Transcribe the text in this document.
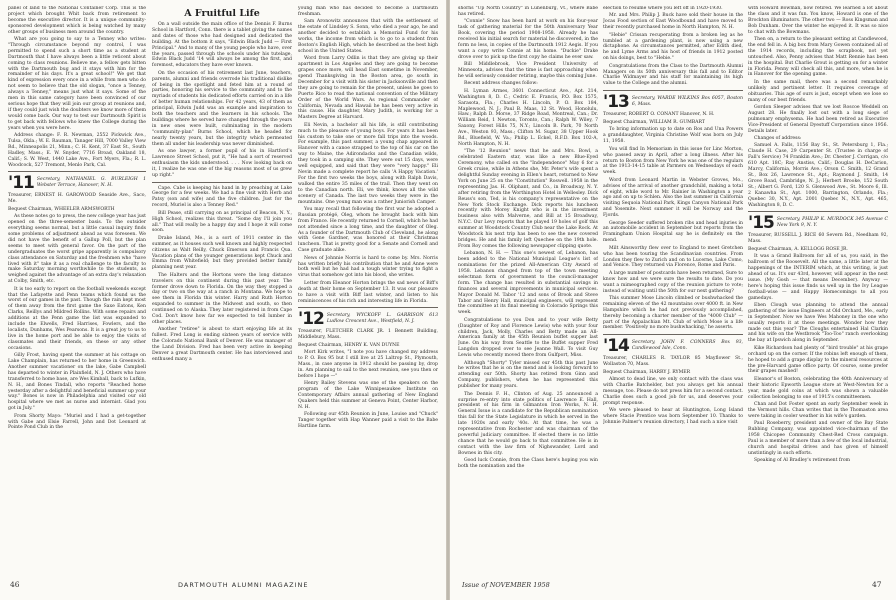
panel of land to the National Container Corp. This is the project which brought Whit back from retirement to become the executive director. It is a unique community-sponsored development which is being watched by many other groups of business men around the country.

What are you going to say to a Tenney who writes: "Through circumstance beyond my control, I was permitted to spend such a short time as a student at Dartmouth that I have always been a little reticent about coming to class reunions. Believe me, a fellow gets bitten with the Dartmouth bug and it stays with him for the remainder of his days. It's a great school!" We get that kind of expression every once in a while from men who do not seem to believe that the old slogan, "once a Tenney, always a Tenney," means just what it says. Some of the men in this same category have been convinced of our serious hope that they will join our group at reunions and, if they could just wish the doubters we know more of them would come back. Our way to test our Dartmouth Spirit is to get back with fellows who knew the College during the years when you were here.

Address change: F. R. Newman, 2552 Pickwick Ave., Tulsa, Okla.; W. E. Rauman, Tanager Hill, 7000 Valley View Rd., Minneapolis 21, Minn.; C. H. Kent, 37 East St., South Hadley, Mass.; E. W. Snyder, 7716 Broad, Oakland 18, Calif.; S. W. West, 1440 Lake Ave., Fort Myers, Fla.; R. L. Woodcock, 527 Tremont, Menlo Park, Cal.

'11 Secretary, NATHANIEL G. BURLEIGH 1 Webster Terrace, Hanover, N. H.
Treasurer, ERNEST H. GAROWOOD Seaside Ave., Saco, Me.
Bequest Chairman, WHEELER ARMSWORTH

As these notes go to press, the new college year has just opened on the three-semester basis. To the outsider everything seems normal, but a little casual inquiry finds some problems of adjustment ahead as was foreseen. We did not have the benefit of a Gallup Poll, but the plan seems to meet with general favor. On the part of the undergraduates the worst gripe apparently is compulsory class attendance on Saturday and the freshmen who "have lived with it" take it as a real challenge to the faculty to make Saturday morning worthwhile to the students, as weighed against the advantage of an extra day's relaxation at Colby, Smith, etc.

It is too early to report on the football weekends except that the Lafayette and Penn teams which found us the worst of our games in the past. Though the rain kept most of them away from the first game the Saxe Eatons, Ken Clarks, Reillys and Mildred Rollins. With some repairs and additions at the Penn game the list was expanded to include the Elwells, Fred Harrises, Fowlers, and the localists, Dunhams, Wes Pearsons. It is a great joy to us to live in the home port and be able to enjoy the visits of classmates and their friends, on these or any other occasions.

Gilly Frost, having spent the summer at his cottage on Lake Champlain, has returned to her home in Greenwich. Another summer vacationer on the lake, Gabe Campbell has departed to winter in Plainfield, N. J. Others who have transferred to home base, are Wes Kimball, back to Lufkin, N. H., and Bones Tindall, who reports "Reached home yesterday after a delightful and beneficial summer up your way." Bones is now in Philadelphia and visited our old hospital where we met as nurse and internist. Glad you got in July."

From Shorty Mayo: "Muriel and I had a get-together with Gabe and Elsie Farrell, John and Dot Leonard at Pointe Pond Club in the

A Fruitful Life

On a wall outside the main office of the Dennis F. Burns School in Hartford, Conn. there is a tablet giving the names and dates of those who had designed and dedicated the building. At the bottom it says, "Edwin Black Judd — First Principal." And to many of the young people who have, over the years, passed through the schools under his tutelage, Edwin Black Judd '14 will always be among the first, and foremost, educators they have ever known.

On the occasion of his retirement last June, teachers, parents, alumni and friends overrode his traditional dislike of being in the spotlight and feted him at a round of parties, honoring his service to the community and to the myriads of students his dedicated efforts carried on in a life of better human relationships. For 42 years, 43 of them as principal, Edwin Judd was an example and inspiration to both the teachers and the learners in his schools. The buildings where he served have changed through the years in new ones were built, culminating in the modern "community-plan" Burns School, which he headed for nearly twenty years, but the integrity which permeated them all under his leadership was never diminished.

As one lawyer, a former pupil of his in Hartford's Lawrence Street School, put it, "He had a sort of reserved enthusiasm the kids understood. . . . Now looking back on it, I realize he was one of the big reasons most of us grew up right."

Cape. Cabe is keeping his hand in by preaching at Lake George for a few weeks. We had a fine visit with Herb and Patsy (son and wife) and the five children. Just for the record, Muriel is also a Tenney Red."

Bill Pease, still carrying on as principal of Beacon, N. Y., High School, realizes this threat. "Some day I'll join you all." That will really be a happy day and I hope it will come soon.

Drake Island, Me., is a sort of 1911 center in the summer, as it houses such well known and highly respected citizens as Walt Reilly, Chuck Emerson and Francis Qua. Vacation plans of the younger generations kept Chuck and Emma from Whitefield; but they provided better family planning next year.

The Halters and the Hortons were the long distance travelers on this continent during this past year. The former drove down to Florida. On the way they stopped a day or two on the way at a ranch in Montana. We hope to see them in Florida this winter. Harry and Ruth Horton expanded to summer in the Midwest and south, so then continued on to Alaska. They later registered in from Cape Cod. Don't know how far we expected to tell lumber in other places.

Another "retiree" is about to start enjoying life at its fullest. Fred Long is ending sixteen years of service with the Colorado National Bank of Denver. He was manager of the Land Division. Fred has been very active in keeping Denver a great Dartmouth center. He has interviewed and enthused many a

young man who has decided to become a Dartmouth freshman.

Sam Aronowitz announces that with the settlement of the estate of Lindsley S. Sonn, who died a year ago, he and another decided to establish a Memorial Fund for his works, the income from which is to go to a student from Boston's English High, which he described as the best high school in the United States.

Word from Larry Odlin is that they are giving up their apartment in Los Angeles and they are going to become grapes once more, will head East sometime in November, spend Thanksgiving in the Boston area, go south in December for a visit with his sister in Jacksonville and then they are going to remain for the present, unless he goes to Puerto Rico to read the national convention of the Military Order of the World Wars. As regional Commander of California, Nevada and Hawaii he has been very active in this cause. His daughter, Mary Judith, is working for a Masters Degree at Harvard.

Eli Nevin, a bachelor all his life, is still contributing much to the pleasure of young boys. For years it has been his custom to take one or more fall trips into the woods. For example, this past summer, a young chap appeared in Hanover with a canoe strapped to the top of his car on the way to Maine, the Adirondacks and the Canadian wilds, they took in a camping site. They were out 15 days, were well equipped, and said that they were "very happy." Eli Nevin made a complete report he calls 'A Happy Vacation.' For the first two weeks the boys, along with Ralph Davis, walked the entire 35 miles of the trail. Then they went on to the Canadian north. Eli, we think, knows all the wild scenery of Canada. The last two weeks they were in the mountains. One young man was a rather Juniorish Camper.

You may recall that following the first war he adopted a Russian protégé, Oleg, whom he brought back with him from France. He recently returned to Cornell, which he had not attended since a long time, and the daughter of Oleg. As a founder of the Dartmouth Club of Cleveland, he along with Gene Gardner, was honored at their Christmas luncheon. That is pretty good for a Senate and Cornell and Case graduate alike.

News of Johnnie Norris is hard to come by. Mrs. Norris has written briefly his contribution that he and Anne were both well but he had had a tough winter trying to fight a virus that somehow got into his blood, she writes.

Letter from Eleanor Horton brings the sad news of Biff's death at their home on September 13. It was our pleasure to have a visit with Biff last winter, and listen to his reminiscences of his rich and interesting life in Florida.

'12 Secretary, WYCKOFF L. GARRISON 613 Ludlow Crescent Ave., Westfield, N. J.
Treasurer, FLETCHER CLARK JR. 1 Bennett Building, Middlebury, Mass.
Bequest Chairman, HENRY K. VAN DUYNE

Mort Kirk writes, "I note you have changed my address to P. O. Box 95 but I still live at 25 Laltrop St., Plymouth, Mass., in case anyone in 1912 should be passing by, drop in. Am planning to sail to the next reunion, see you then or before I hope —"

Henry Bailey Stevens was one of the speakers on the program of the Lake Winnipesaukee Institute on Contemporary Affairs annual gathering of New England Quakers held this summer at Geneva Point, Center Harbor, N. H.

Following our 45th Reunion in June, Louise and "Chuck" Tanger together with Hap Wanner paid a visit to the Babe Hartline farm.

46	DARTMOUTH ALUMNI MAGAZINE

shorns "Up North Country" in Lunenburg, Vt., where Babe has retired.

"Connie" Snow has been hard at work on his four-year task of gathering material for the 50th Anniversary Year Book, covering the period 1908-1958. Already he has received his initial search for material he discovered, in the form no less, in copies of the Dartmouth 1912 Aegis. If you want a copy write Connie at his home. "Duckie" Drake drove over to pick up the first copy he claims he ever saw.

Bill Middlebrook, Vice President University of Minnesota, advises that the time is fast approaching when he will seriously consider retiring, maybe this coming June.

Recent address changes follow:

H. Lyman Armes, 3601 Connecticut Ave., Apt. 214, Washington 8, D. C.; Cedric E. Francis, P.O. Box 1575, Sarasota, Fla.; Charles H. Lincoln, P. O. Box 184, Maplewood, N. J.; Paul B. Maas, 12 St. Wood, Honolulu, Haw.; Ralph D. Morse, 37 Ridge Road, Montreal, Can.; Dr. William Reid, 1 Newton, Toronto, Can.; Ralph W. Wiley, 7 Saxony, Forest Hills 75, N.Y.; Lincoln B. Park, 70 North Ave., Weston 93, Mass.; Clifton M. Sugar, 38 Upper Hook Rd., Bluefield, W. Va.; Philip L. Eckel, R.F.D. Box 102-A, North Hampton, N. H.

"The '12 Reunion" news that he and Mrs. Bowl, a celebrated Eastern star, was like a new Blue-Eyed Ceremony, who called on the "Independence" May 6 for a Greek cruise, while in Athens she, Mr. Peter's wife spent a delightful Sunday evening in Ellen's heart, returned to New York on June 25 on the "Constitution" Roswell. 1958 in the representing Jas. H. Oliphant, and Co., in Broadway, N. Y. after retiring from the Worthington Hotel in Wellesley. Dick Reuss's son, Ted, is his company's representative on the New York Stock Exchange. Dick reports his luncheon recently with Morey Knight who is in the investment business also with Malverne, and Bill at 15 Broadway, N.Y.C. Our Levy reports that he played 19 holes of golf this summer at Woodstock Country Club near the Lake Rock. At Woodstock his next trip has been to see the new covered bridges. He and his family left Quechee on the 19th hole. From Roy comes the following newspaper clipping quote.

Lebanon, N. H. — This one's newest of, Lebanon, has been added to the National Municipal League's list of nominations for the prized All-American City Award of 1958. Lebanon changed from top of the town meeting selectman form of government to the council-manager form. The change has resulted in substantial savings in finances and several improvements in municipal services. Mayor Donald M. Tabor '12 and sons of Brook and Steve Tabor and Henry Hall, municipal engineers, will represent the committee at its final meeting in Colorado Springs this week.

Congratulations to you Don and to your wife Betty (Daughter of Roy and Florence Lewis) who with your four children, Jack, Molly, Charles and Betty made an All-American family at the 45th Reunion buffet supper last June. On his way from Seattle to the Buffet supper Fred Langdon dropped over to see Jeanne Wall. To visit Guy Lewis who recently moved there from Gulfport, Miss.

Although "Shorty" Tyler missed our 45th this past June he writes that he is on the mend and is looking forward to attending our 50th. Shorty has retired from Ginn and Company, publishers, when he has represented this publisher for many years.

The Dennis F. H., Clinton of Aug. 25 announced a surprise re-entry into state politics of Lawrence E. Hall, president of his firm in Gilmanton Iron Works, N. H. General Issue is a candidate for the Republican nomination this fall for the State Legislature in which he served in the late 1920s and early '40s. At that time, he was a representative from Rochester and was chairman of the powerful judiciary committee. If elected there is no little chance that he would go back to that committee. He is in contact with the law firm of Nighswander, Lord and Bownes in this city.

Good luck Connie, from the Class here's hoping you win both the nomination and the

election to resume where you left off in 1920-1930.

Mr. and Mrs. Philip J. Buck have sold their house in the Jocas Food section of East Woodbound and have moved to their recently purchased home in North Hampton, N. H.

"Hebie" Crissan recuperating from a broken leg as he tumbled at a gardening plant, is now using a new dictaphone. As circumstances permitted, after Edith died, he and Lyme Arms and his host of friends in 1912 posted on his doings, best to "Hebie."

Congratulations from the Class to the Dartmouth Alumni Managers on its 50th anniversary this fall and to Editor Charlie Widmayer and his staff for maintaining its high value to the College and the alumni.

'13 Secretary, WARDE WILKINS Box 6057, Boston 6, Mass.
Treasurer, ROBERT O. CONANT Hanover, N. H.
Bequest Chairman, WILLIAM R. GUMBART

To bring information up to date on Ros and Una Powers a granddaughter, Virginia Christine Wolf was born on July 11, 1958.

You will find In Memoriam in this issue for Linc Morton, who passed away in April, after a long illness. After his return to Boston from New York he was one of the regulars at the 1913-14-15 table at Parmers on Wednesdays of each week.

Word from Leonard Martin in Webster Groves, Mo., advises of the arrival of another grandchild, making a total of eight, while word to Mr. Rainier in Washington a year ago and on up to Schlen. Also the last summer in California visiting Sequoia National Park, Kings Canyon National Park and Yosemite. Next summer it will be Norway and the Fjords.

George Seeder suffered broken ribs and head injuries in an automobile accident in September but reports from the Framingham Union Hospital say he is definitely on the mend.

Milt Ainsworthy flew over to England to meet Gretchen who has been touring the Scandinavian countries. From London they flew to Zurich and on to Lucerne, Lake Como, and Venice. They returned via Florence, Rome and Paris.

A large number of postcards have been returned, Sure to know how and we were sure the results to date. Do you want a mimeographed copy of the reunion picture to vote; instead of waiting until the 50th for our next gathering?

This summer Mose Lincoln climbed or bushwhacked the remaining eleven of the 42 mountains over 4000 ft. in New Hampshire which he had not previously accomplished, thereby becoming a charter member of the "4000 Club" — part of the Appalachian Mt. Club of which Mose is a life member. 'Positively no more bushwhacking,' he asserts.

'14 Secretary, JOHN F. CONNERS Box 93, Candlewood Isle, Conn.
Treasurer, CHARLES R. TAYLOR 85 Mayflower St., Wollaston 70, Mass.
Bequest Chairman, HARRY J. RYMER

Almost to dead line, we only contact with the class was with Charlie Batchelder, but you always get his annual message, too. Please do not press him for a second contact. Charlie does such a good job for us, and deserves your prompt response.

We were pleased to hear at Huntington, Long Island where Stacie Prentice was born September 10. Thanks to Johnnie Palmer's reunion directory, I had such a nice visit

with Howard Bowman, now retired. We learned a lot about the class and it was fun. You know, Howard is one of the Brockton illuminators. The other two — Ross Kingsman and Bob Dunham. Over the winter he enjoyed it. It was so nice to chat with the Bowmans.

Then on, a return to the pleasant setting at Candlewood, the end fell in. A big box from Mary Gowen contained all of the 1914 records, including the scrapbook, not yet untouched. Also, Penny advises that Matt Rennie has been in the hospital. But Charlie Grout is getting on for a winter in Florida. Penny will check all this, and more, when he is in Hanover for the opening game.

In the same mail, there was a second remarkably unlikely and pertinent letter. It requires coverage of obituaries. This age of ours is just, except when we lose so many of our best friends.

Gordon Sleeper advises that we lost Roscoe Weddell on August 28. He finally lost out with a long siege of pulmonary emphysema. He had been retired as Executive Vice-President of General Dyestuff Corporation since 1956. Details later.

Changes of address:

Samuel A. Falls, 1156 Bay St., St. Petersburg 1, Fla.; Claude H. Case, 29 Carpenter St. (Trustee in charge of Fall's Service) 74 Franklin Ave.; Dr. Chester J. Corrigan, c/o 610 Apt. 18C; Ray Anstiss, Calif.; Douglas H. DeCarion, Marcy, California, Morris Ave.; Orson C. Smith, 12 Grand St., Box 26, Lawrence St., Apt.; Raymond J. Smith, 14 Grove Road, Cambridge, N. J.; Herbert Brooke, 152 South St.; Albert G. Ford, 120 S. Glenwood Ave., St. Moore 6, Ill. 2 Kanawha St., Apt. 1000, Barrington, Orlando, Fla.; Quebec 30, N.Y., Apt. 2001 Quebec N., N.Y., Apt. 465, Washington 8, D. C.

'15 Secretary, PHILIP K. MURDOCK 345 Avenue C New York 9, N. Y.
Treasurer, RUSSELL J. RICE 60 Severn Rd., Needham 92, Mass.
Bequest Chairman, A. KELLOGG ROSE JR.

It was a Grand Ballroom for all of us, you said, in the ballroom of the Roosevelt. All the same, a little later at the happenings of the INTERIM which, at this writing, is just ahead of us. It's our 43rd, however, will appear in the next issue. (My Gosh — that means December). Anyway — here's hoping this issue finds us well up in the Ivy League football-wise — and Happy Homecomings to all you gamedays.

Eben Clough was planning to attend the annual gathering of the issue Engineers at Old Orchard, Me., early in September. Now we have Wes Mahoney in the one who usually reports it at these meetings. Wonder how they made out this year? The Cloughs entertained Hal Clarkin and his wife on the Westbrook "Too-Too" ranch overlooking the bay at Ipswich along in September.

Kike Richardson had plenty of "bird trouble" at his grape orchard up on the corner. If the robins left enough of them, he hoped to add a grape display to the mineral resources at the pre-Harvard game office party. Of course, some prefer their grapes mashed!

Eleanor's of Boston, celebrating the 40th Anniversary of their historic Epworth League store at West-Newton for a year, made gold coins at which was shown a valuable collection belonging to one of 1915's committeemen.

Chan and Dot Foster spent an early September week in the Vermont hills. Chan writes that in the Thomaston area were taking in cooler weather in his wife's garden.

Paul Roseberry, president and owner of the Bay State Rubbing Company, was appointed vice-chairman of the 1958 Chicopee Community Chest-Red Cross campaign. Paul is a member of more than a few of the local industrial, church and hospital drives and has given of himself unstintingly in such efforts.

Speaking of Al Bradley's retirement from

Issue of NOVEMBER 1958	47
